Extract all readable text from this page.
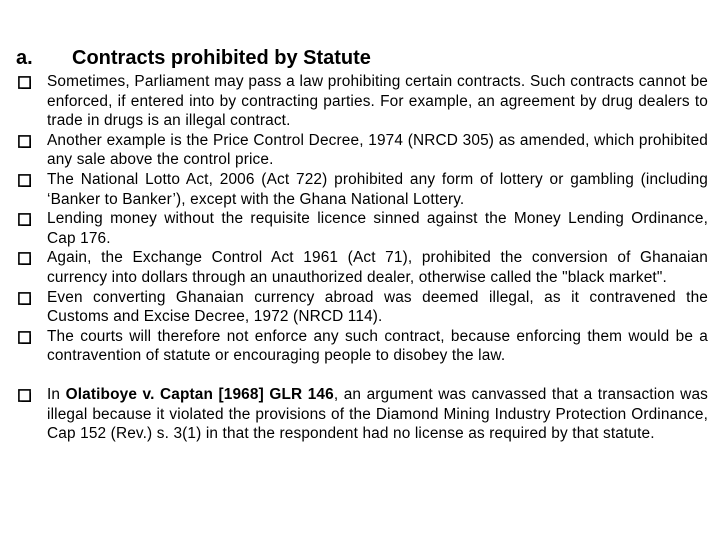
a. Contracts prohibited by Statute
Sometimes, Parliament may pass a law prohibiting certain contracts. Such contracts cannot be enforced, if entered into by contracting parties. For example, an agreement by drug dealers to trade in drugs is an illegal contract.
Another example is the Price Control Decree, 1974 (NRCD 305) as amended, which prohibited any sale above the control price.
The National Lotto Act, 2006 (Act 722) prohibited any form of lottery or gambling (including ‘Banker to Banker’), except with the Ghana National Lottery.
Lending money without the requisite licence sinned against the Money Lending Ordinance, Cap 176.
Again, the Exchange Control Act 1961 (Act 71), prohibited the conversion of Ghanaian currency into dollars through an unauthorized dealer, otherwise called the "black market".
Even converting Ghanaian currency abroad was deemed illegal, as it contravened the Customs and Excise Decree, 1972 (NRCD 114).
The courts will therefore not enforce any such contract, because enforcing them would be a contravention of statute or encouraging people to disobey the law.
In Olatiboye v. Captan [1968] GLR 146, an argument was canvassed that a transaction was illegal because it violated the provisions of the Diamond Mining Industry Protection Ordinance, Cap 152 (Rev.) s. 3(1) in that the respondent had no license as required by that statute.
